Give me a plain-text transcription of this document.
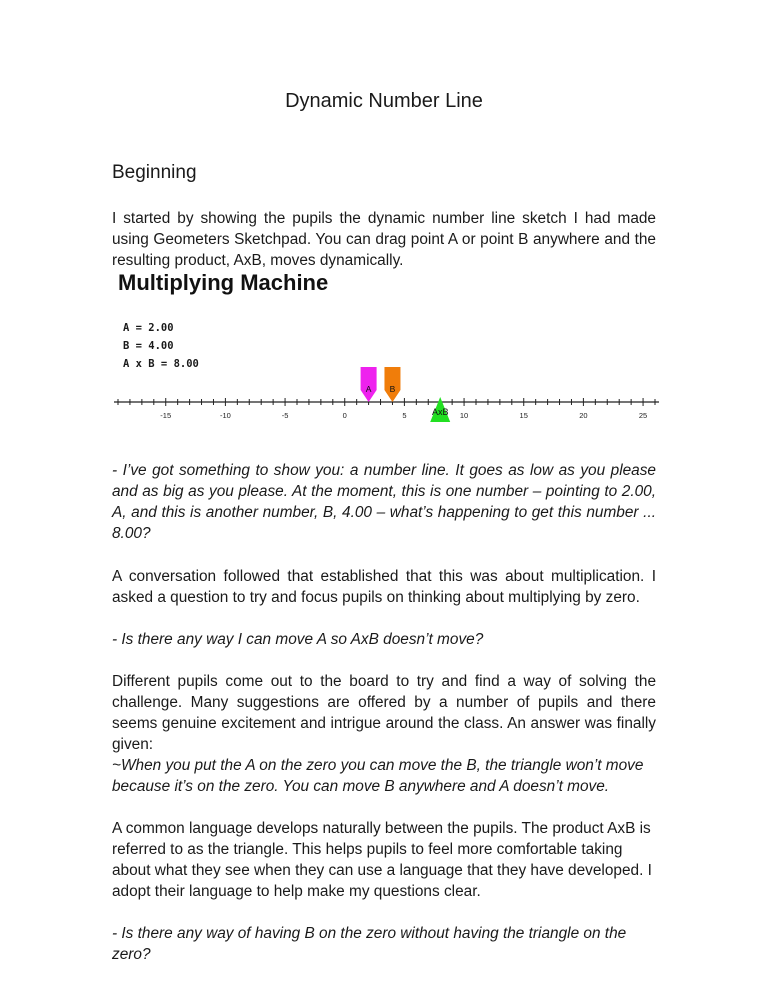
Dynamic Number Line
Beginning

I started by showing the pupils the dynamic number line sketch I had made using Geometers Sketchpad. You can drag point A or point B anywhere and the resulting product, AxB, moves dynamically.

Multiplying Machine
A = 2.00
B = 4.00
A x B = 8.00
-15	-10	-5	0	5	10	15	20	25
A B
AxB

- I’ve got something to show you: a number line. It goes as low as you please and as big as you please. At the moment, this is one number – pointing to 2.00, A, and this is another number, B, 4.00 – what’s happening to get this number ... 8.00?

A conversation followed that established that this was about multiplication. I asked a question to try and focus pupils on thinking about multiplying by zero.

- Is there any way I can move A so AxB doesn’t move?

Different pupils come out to the board to try and find a way of solving the challenge. Many suggestions are offered by a number of pupils and there seems genuine excitement and intrigue around the class. An answer was finally given:

~When you put the A on the zero you can move the B, the triangle won’t move because it’s on the zero. You can move B anywhere and A doesn’t move.

A common language develops naturally between the pupils. The product AxB is referred to as the triangle. This helps pupils to feel more comfortable taking about what they see when they can use a language that they have developed. I adopt their language to help make my questions clear.

- Is there any way of having B on the zero without having the triangle on the zero?
